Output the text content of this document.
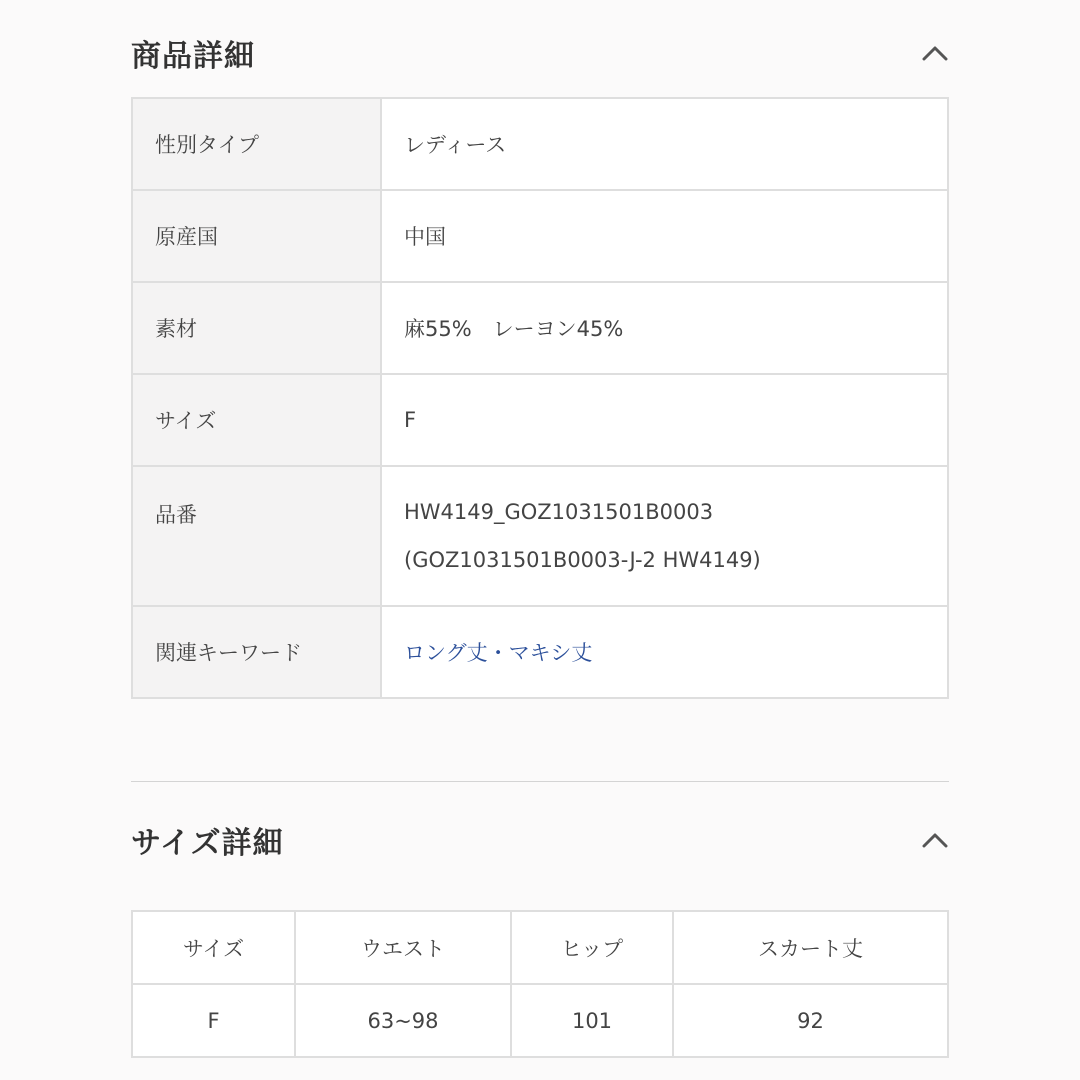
商品詳細
性別タイプ	レディース
原産国	中国
素材	麻55%　レーヨン45%
サイズ	F
品番	HW4149_GOZ1031501B0003
(GOZ1031501B0003-J-2 HW4149)

関連キーワード	ロング丈・マキシ丈
サイズ詳細
サイズ	ウエスト	ヒップ	スカート丈
F	63~98	101	92
